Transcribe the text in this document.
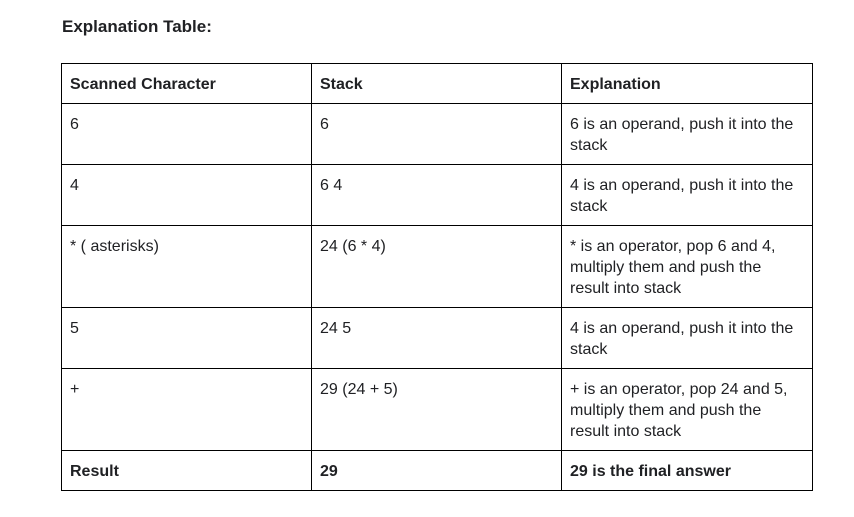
Explanation Table:
Scanned Character	Stack	Explanation
6	6	6 is an operand, push it into the stack
4	6 4	4 is an operand, push it into the stack
* ( asterisks)	24 (6 * 4)	* is an operator, pop 6 and 4, multiply them and push the result into stack
5	24 5	4 is an operand, push it into the stack
+	29 (24 + 5)	+ is an operator, pop 24 and 5, multiply them and push the result into stack
Result	29	29 is the final answer
